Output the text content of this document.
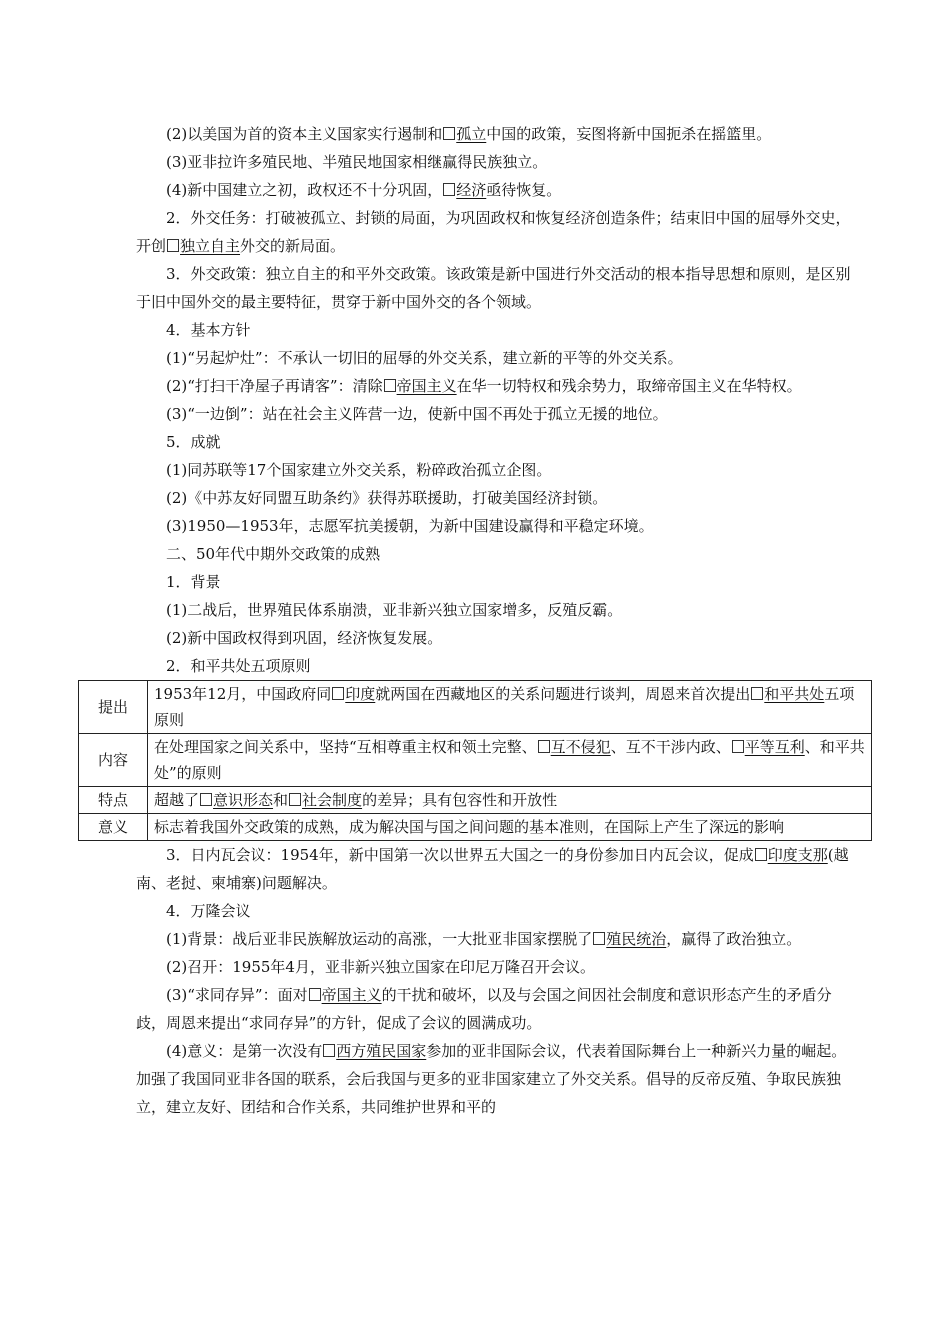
(2)以美国为首的资本主义国家实行遏制和 孤立中国的政策，妄图将新中国扼杀在摇篮里。

(3)亚非拉许多殖民地、半殖民地国家相继赢得民族独立。

(4)新中国建立之初，政权还不十分巩固， 经济亟待恢复。

2．外交任务：打破被孤立、封锁的局面，为巩固政权和恢复经济创造条件；结束旧中国的屈辱外交史，开创 独立自主外交的新局面。

3．外交政策：独立自主的和平外交政策。该政策是新中国进行外交活动的根本指导思想和原则，是区别于旧中国外交的最主要特征，贯穿于新中国外交的各个领域。

4．基本方针

(1)“另起炉灶”：不承认一切旧的屈辱的外交关系，建立新的平等的外交关系。

(2)“打扫干净屋子再请客”：清除 帝国主义在华一切特权和残余势力，取缔帝国主义在华特权。

(3)“一边倒”：站在社会主义阵营一边，使新中国不再处于孤立无援的地位。

5．成就

(1)同苏联等17个国家建立外交关系，粉碎政治孤立企图。

(2)《中苏友好同盟互助条约》获得苏联援助，打破美国经济封锁。

(3)1950—1953年，志愿军抗美援朝，为新中国建设赢得和平稳定环境。

二、50年代中期外交政策的成熟

1．背景

(1)二战后，世界殖民体系崩溃，亚非新兴独立国家增多，反殖反霸。

(2)新中国政权得到巩固，经济恢复发展。

2．和平共处五项原则

提出	1953年12月，中国政府同 印度就两国在西藏地区的关系问题进行谈判，周恩来首次提出 和平共处五项原则
内容	在处理国家之间关系中，坚持“互相尊重主权和领土完整、 互不侵犯、互不干涉内政、 平等互利、和平共处”的原则
特点	超越了 意识形态和 社会制度的差异；具有包容性和开放性
意义	标志着我国外交政策的成熟，成为解决国与国之间问题的基本准则，在国际上产生了深远的影响

3．日内瓦会议：1954年，新中国第一次以世界五大国之一的身份参加日内瓦会议，促成 印度支那(越南、老挝、柬埔寨)问题解决。

4．万隆会议

(1)背景：战后亚非民族解放运动的高涨，一大批亚非国家摆脱了 殖民统治，赢得了政治独立。

(2)召开：1955年4月，亚非新兴独立国家在印尼万隆召开会议。

(3)“求同存异”：面对 帝国主义的干扰和破坏，以及与会国之间因社会制度和意识形态产生的矛盾分歧，周恩来提出“求同存异”的方针，促成了会议的圆满成功。

(4)意义：是第一次没有 西方殖民国家参加的亚非国际会议，代表着国际舞台上一种新兴力量的崛起。加强了我国同亚非各国的联系，会后我国与更多的亚非国家建立了外交关系。倡导的反帝反殖、争取民族独立，建立友好、团结和合作关系，共同维护世界和平的
